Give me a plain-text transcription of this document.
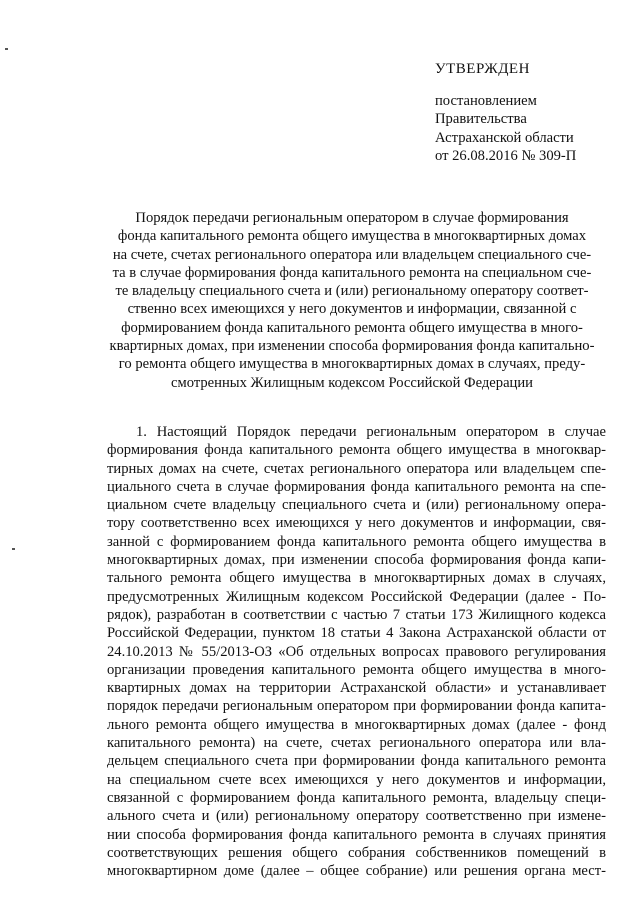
УТВЕРЖДЕН
постановлением
Правительства
Астраханской области
от 26.08.2016 № 309-П
Порядок передачи региональным оператором в случае формирования
фонда капитального ремонта общего имущества в многоквартирных домах
на счете, счетах регионального оператора или владельцем специального сче-
та в случае формирования фонда капитального ремонта на специальном сче-
те владельцу специального счета и (или) региональному оператору соответ-
ственно всех имеющихся у него документов и информации, связанной с
формированием фонда капитального ремонта общего имущества в много-
квартирных домах, при изменении способа формирования фонда капитально-
го ремонта общего имущества в многоквартирных домах в случаях, преду-
смотренных Жилищным кодексом Российской Федерации
1. Настоящий Порядок передачи региональным оператором в случае
формирования фонда капитального ремонта общего имущества в многоквар-
тирных домах на счете, счетах регионального оператора или владельцем спе-
циального счета в случае формирования фонда капитального ремонта на спе-
циальном счете владельцу специального счета и (или) региональному опера-
тору соответственно всех имеющихся у него документов и информации, свя-
занной с формированием фонда капитального ремонта общего имущества в
многоквартирных домах, при изменении способа формирования фонда капи-
тального ремонта общего имущества в многоквартирных домах в случаях,
предусмотренных Жилищным кодексом Российской Федерации (далее - По-
рядок), разработан в соответствии с частью 7 статьи 173 Жилищного кодекса
Российской Федерации, пунктом 18 статьи 4 Закона Астраханской области от
24.10.2013 № 55/2013-ОЗ «Об отдельных вопросах правового регулирования
организации проведения капитального ремонта общего имущества в много-
квартирных домах на территории Астраханской области» и устанавливает
порядок передачи региональным оператором при формировании фонда капита-
льного ремонта общего имущества в многоквартирных домах (далее - фонд
капитального ремонта) на счете, счетах регионального оператора или вла-
дельцем специального счета при формировании фонда капитального ремонта
на специальном счете всех имеющихся у него документов и информации,
связанной с формированием фонда капитального ремонта, владельцу специ-
ального счета и (или) региональному оператору соответственно при измене-
нии способа формирования фонда капитального ремонта в случаях принятия
соответствующих решения общего собрания собственников помещений в
многоквартирном доме (далее – общее собрание) или решения органа мест-
